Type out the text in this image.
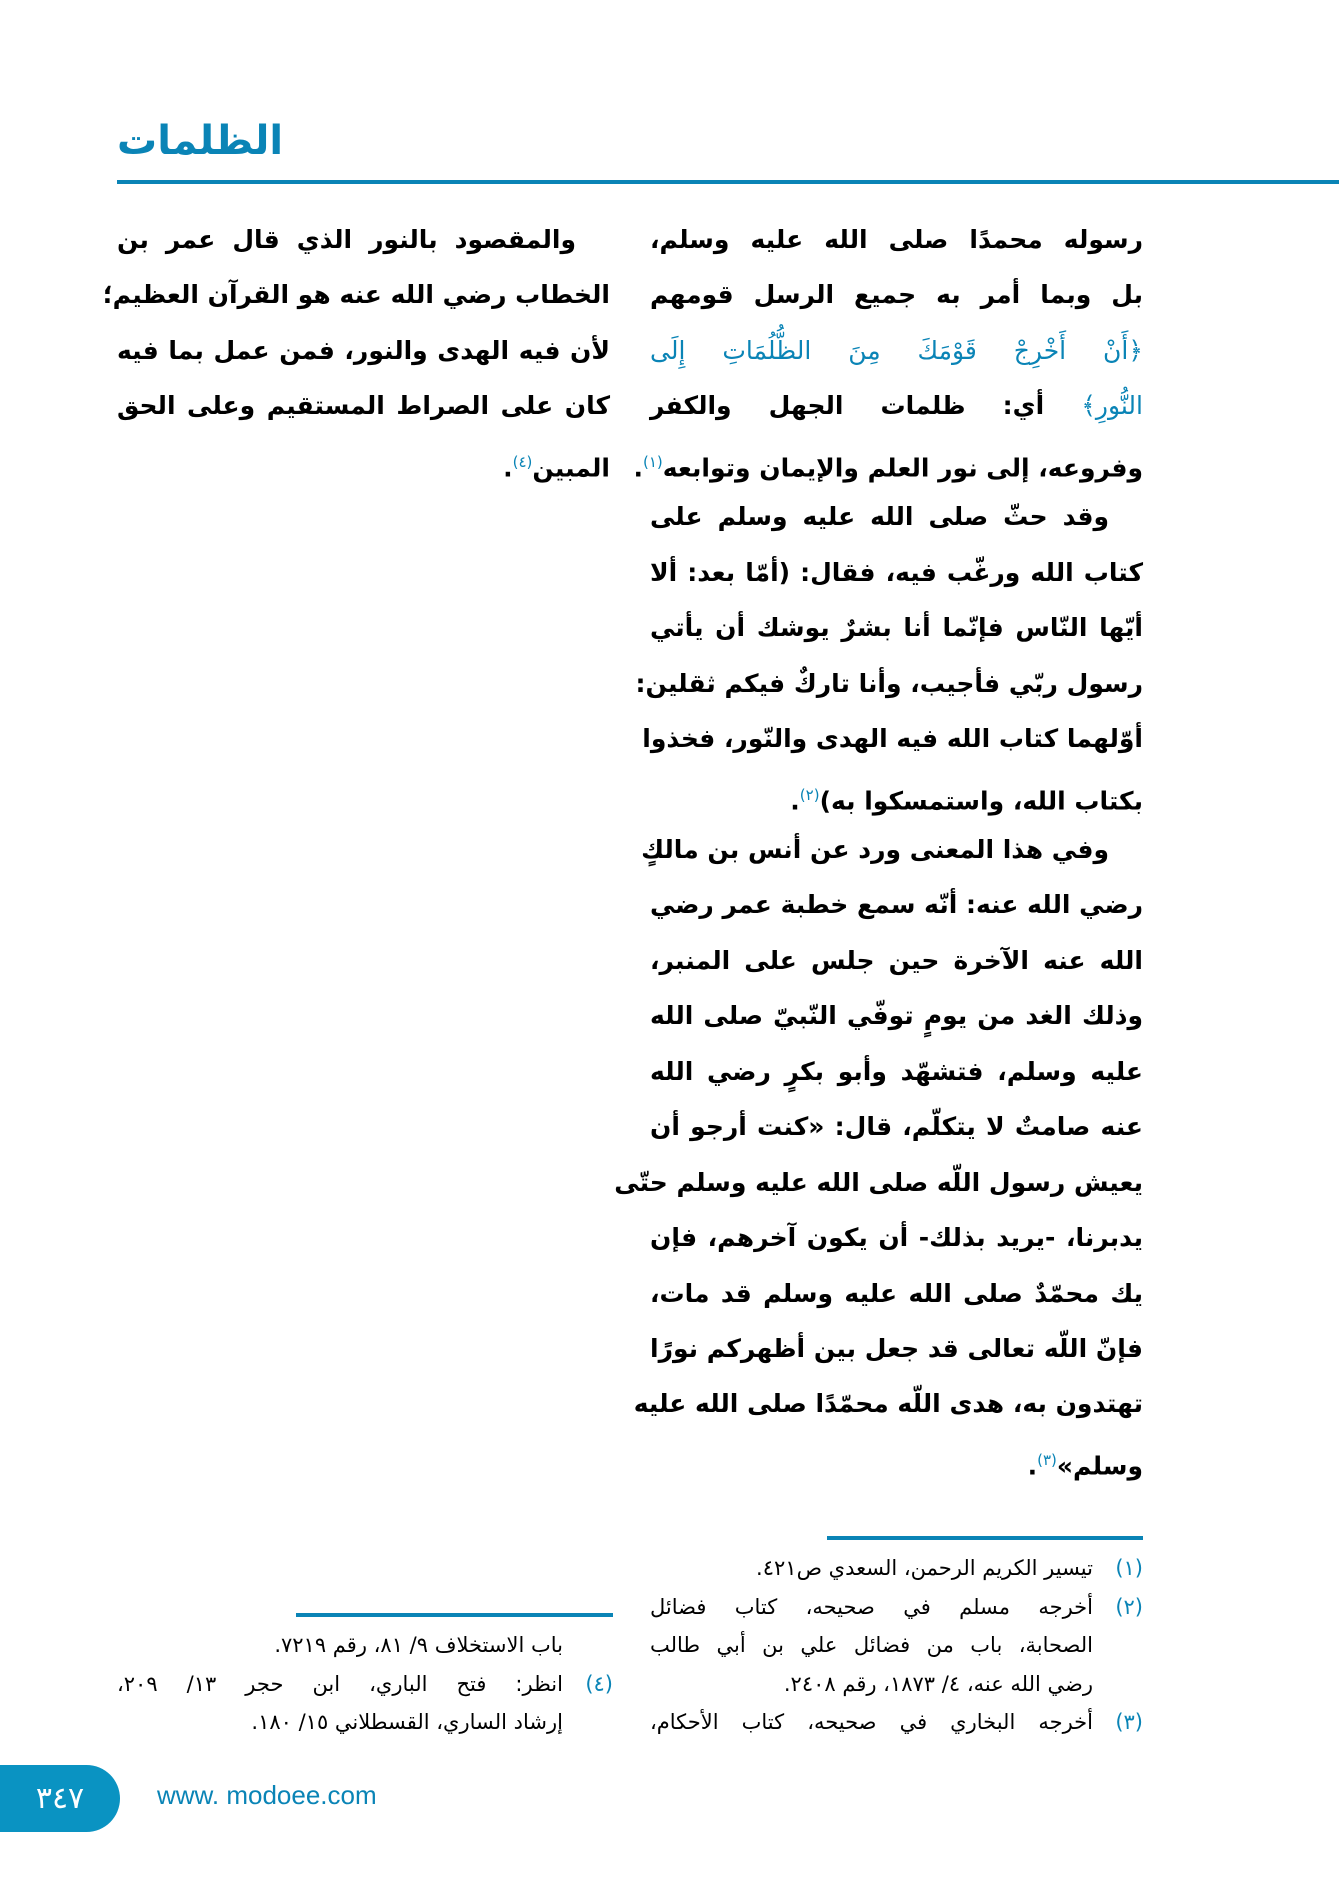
الظلمات
رسوله محمدًا صلى الله عليه وسلم،
بل وبما أمر به جميع الرسل قومهم
﴿أَنْ أَخْرِجْ قَوْمَكَ مِنَ الظُّلُمَاتِ إِلَى
النُّورِ﴾ أي: ظلمات الجهل والكفر
وفروعه، إلى نور العلم والإيمان وتوابعه$^{(١)}$.
وقد حثّ صلى الله عليه وسلم على
كتاب الله ورغّب فيه، فقال: (أمّا بعد: ألا
أيّها النّاس فإنّما أنا بشرٌ يوشك أن يأتي
رسول ربّي فأجيب، وأنا تاركٌ فيكم ثقلين:
أوّلهما كتاب الله فيه الهدى والنّور، فخذوا
بكتاب الله، واستمسكوا به)$^{(٢)}$.
وفي هذا المعنى ورد عن أنس بن مالكٍ
رضي الله عنه: أنّه سمع خطبة عمر رضي
الله عنه الآخرة حين جلس على المنبر،
وذلك الغد من يومٍ توفّي النّبيّ صلى الله
عليه وسلم، فتشهّد وأبو بكرٍ رضي الله
عنه صامتٌ لا يتكلّم، قال: «كنت أرجو أن
يعيش رسول اللّه صلى الله عليه وسلم حتّى
يدبرنا، -يريد بذلك- أن يكون آخرهم، فإن
يك محمّدٌ صلى الله عليه وسلم قد مات،
فإنّ اللّه تعالى قد جعل بين أظهركم نورًا
تهتدون به، هدى اللّه محمّدًا صلى الله عليه
وسلم»$^{(٣)}$.
والمقصود بالنور الذي قال عمر بن
الخطاب رضي الله عنه هو القرآن العظيم؛
لأن فيه الهدى والنور، فمن عمل بما فيه
كان على الصراط المستقيم وعلى الحق
المبين$^{(٤)}$.
(١)
تيسير الكريم الرحمن، السعدي ص٤٢١.
(٢)
أخرجه مسلم في صحيحه، كتاب فضائل
الصحابة، باب من فضائل علي بن أبي طالب
رضي الله عنه، ٤/ ١٨٧٣، رقم ٢٤٠٨.
(٣)
أخرجه البخاري في صحيحه، كتاب الأحكام،
باب الاستخلاف ٩/ ٨١، رقم ٧٢١٩.
(٤)
انظر: فتح الباري، ابن حجر ١٣/ ٢٠٩،
إرشاد الساري، القسطلاني ١٥/ ١٨٠.
٣٤٧	www. modoee.com
